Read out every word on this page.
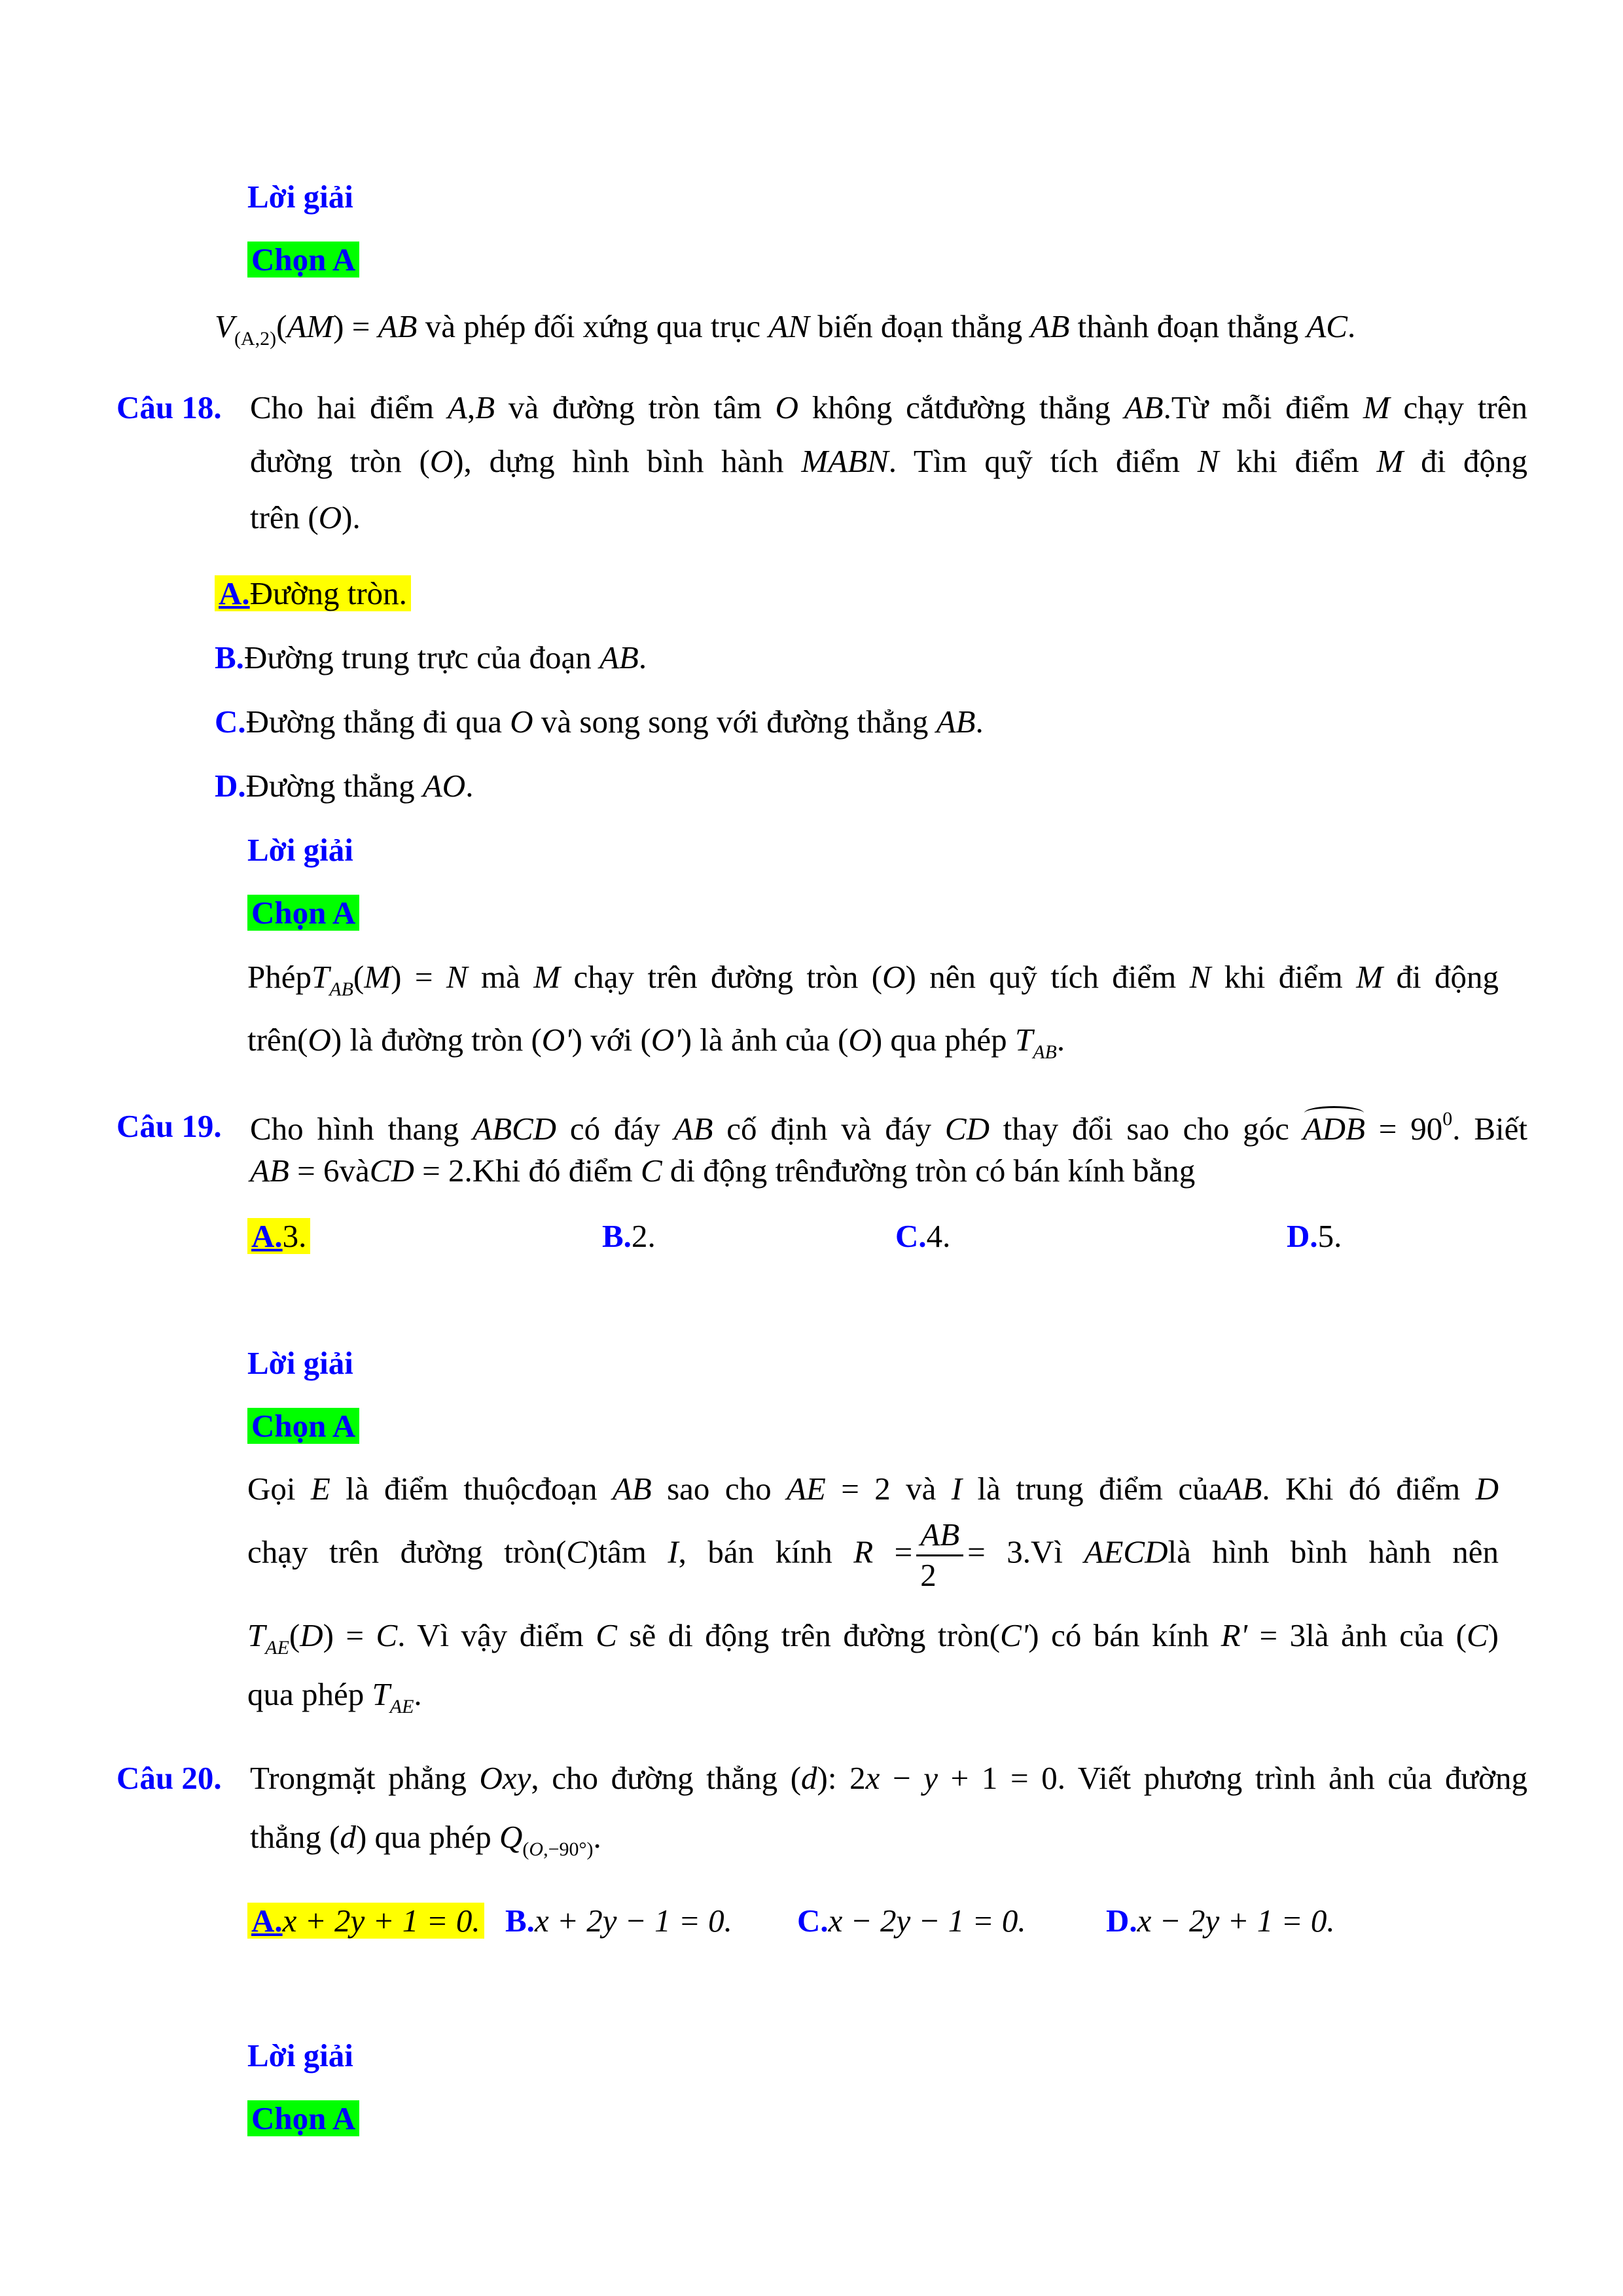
Lời giải
Chọn A
$V_{(A,2)}(AM)$ = AB và phép đối xứng qua trục AN biến đoạn thẳng AB thành đoạn thẳng AC.
Câu 18. Cho hai điểm A,B và đường tròn tâm O không cắtđường thẳng AB.Từ mỗi điểm M chạy trên
đường tròn (O), dựng hình bình hành MABN. Tìm quỹ tích điểm N khi điểm M đi động
trên (O).
A.Đường tròn.
B.Đường trung trực của đoạn AB.
C.Đường thẳng đi qua O và song song với đường thẳng AB.
D.Đường thẳng AO.
Lời giải
Chọn A
PhépT$_{AB}$(M) = N mà M chạy trên đường tròn (O) nên quỹ tích điểm N khi điểm M đi động
trên(O) là đường tròn (O') với (O') là ảnh của (O) qua phép $T_{AB}$.
Câu 19. Cho hình thang ABCD có đáy AB cố định và đáy CD thay đổi sao cho góc ADB = $90^0$. Biết
AB = 6vàCD = 2.Khi đó điểm C di động trênđường tròn có bán kính bằng
A.3.	B.2.	C.4.	D.5.
Lời giải
Chọn A
Gọi E là điểm thuộcđoạn AB sao cho AE = 2 và I là trung điểm củaAB. Khi đó điểm D
chạy trên đường tròn(C)tâm I, bán kính $R = \frac{AB}{2}$ = 3.Vì AECDlà hình bình hành nên
$T_{AE}(D) = C$. Vì vậy điểm C sẽ di động trên đường tròn(C') có bán kính R' = 3là ảnh của (C)
qua phép $T_{AE}$.
Câu 20. Trongmặt phẳng Oxy, cho đường thẳng (d): 2x − y + 1 = 0. Viết phương trình ảnh của đường
thẳng (d) qua phép $Q_{(O,-90^\circ)}$.
A.x + 2y + 1 = 0. B.x + 2y − 1 = 0. C.x − 2y − 1 = 0. D.x − 2y + 1 = 0.
Lời giải
Chọn A
